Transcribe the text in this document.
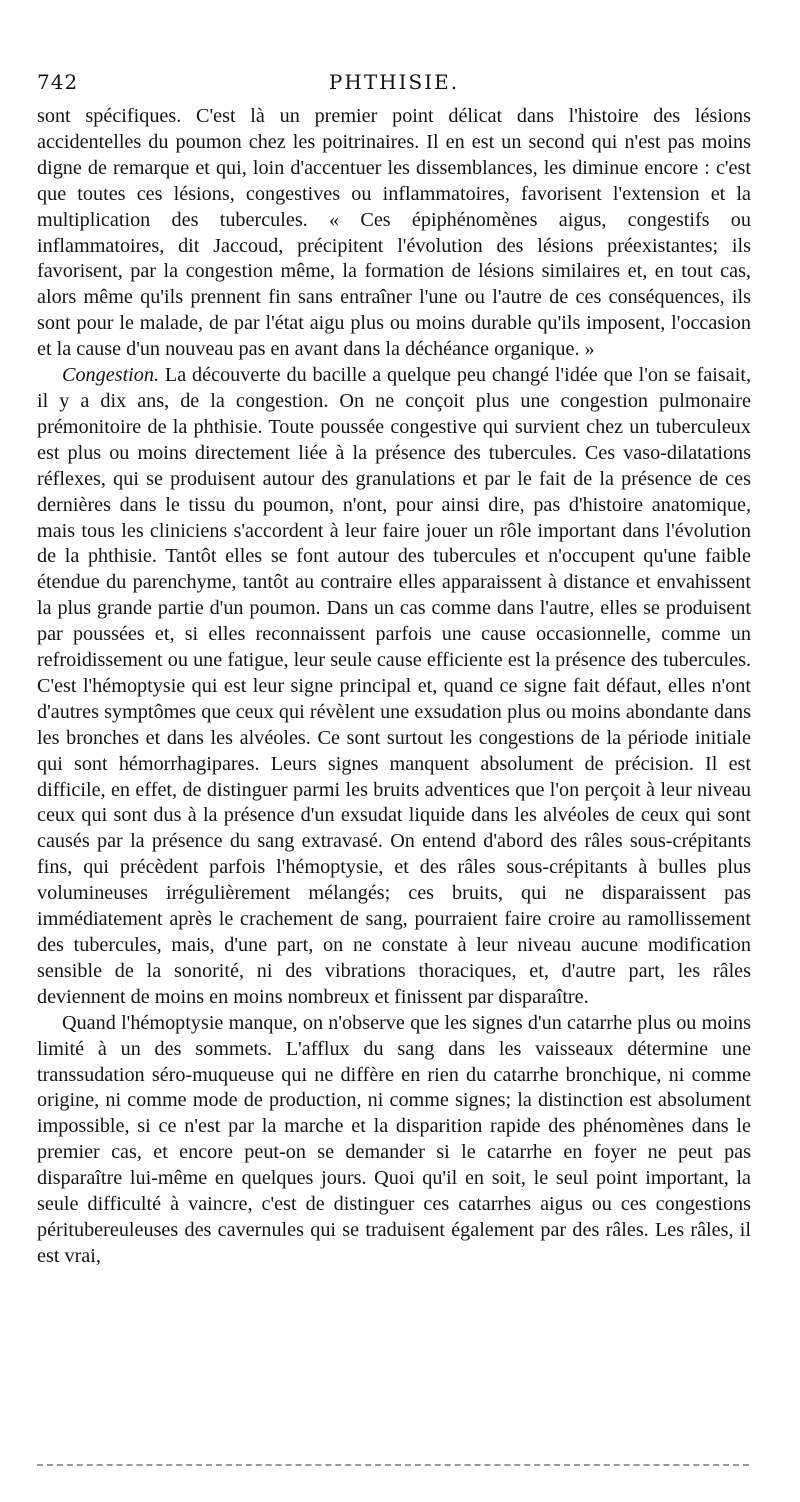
742	PHTHISIE.

sont spécifiques. C'est là un premier point délicat dans l'histoire des lésions accidentelles du poumon chez les poitrinaires. Il en est un second qui n'est pas moins digne de remarque et qui, loin d'accentuer les dissemblances, les diminue encore : c'est que toutes ces lésions, congestives ou inflammatoires, favorisent l'extension et la multiplication des tubercules. « Ces épiphénomènes aigus, congestifs ou inflammatoires, dit Jaccoud, précipitent l'évolution des lésions préexistantes; ils favorisent, par la congestion même, la formation de lésions similaires et, en tout cas, alors même qu'ils prennent fin sans entraîner l'une ou l'autre de ces conséquences, ils sont pour le malade, de par l'état aigu plus ou moins durable qu'ils imposent, l'occasion et la cause d'un nouveau pas en avant dans la déchéance organique. »

Congestion. La découverte du bacille a quelque peu changé l'idée que l'on se faisait, il y a dix ans, de la congestion. On ne conçoit plus une congestion pulmonaire prémonitoire de la phthisie. Toute poussée congestive qui survient chez un tuberculeux est plus ou moins directement liée à la présence des tubercules. Ces vaso-dilatations réflexes, qui se produisent autour des granulations et par le fait de la présence de ces dernières dans le tissu du poumon, n'ont, pour ainsi dire, pas d'histoire anatomique, mais tous les cliniciens s'accordent à leur faire jouer un rôle important dans l'évolution de la phthisie. Tantôt elles se font autour des tubercules et n'occupent qu'une faible étendue du parenchyme, tantôt au contraire elles apparaissent à distance et envahissent la plus grande partie d'un poumon. Dans un cas comme dans l'autre, elles se produisent par poussées et, si elles reconnaissent parfois une cause occasionnelle, comme un refroidissement ou une fatigue, leur seule cause efficiente est la présence des tubercules. C'est l'hémoptysie qui est leur signe principal et, quand ce signe fait défaut, elles n'ont d'autres symptômes que ceux qui révèlent une exsudation plus ou moins abondante dans les bronches et dans les alvéoles. Ce sont surtout les congestions de la période initiale qui sont hémorrhagipares. Leurs signes manquent absolument de précision. Il est difficile, en effet, de distinguer parmi les bruits adventices que l'on perçoit à leur niveau ceux qui sont dus à la présence d'un exsudat liquide dans les alvéoles de ceux qui sont causés par la présence du sang extravasé. On entend d'abord des râles sous-crépitants fins, qui précèdent parfois l'hémoptysie, et des râles sous-crépitants à bulles plus volumineuses irrégulièrement mélangés; ces bruits, qui ne disparaissent pas immédiatement après le crachement de sang, pourraient faire croire au ramollissement des tubercules, mais, d'une part, on ne constate à leur niveau aucune modification sensible de la sonorité, ni des vibrations thoraciques, et, d'autre part, les râles deviennent de moins en moins nombreux et finissent par disparaître.

Quand l'hémoptysie manque, on n'observe que les signes d'un catarrhe plus ou moins limité à un des sommets. L'afflux du sang dans les vaisseaux détermine une transsudation séro-muqueuse qui ne diffère en rien du catarrhe bronchique, ni comme origine, ni comme mode de production, ni comme signes; la distinction est absolument impossible, si ce n'est par la marche et la disparition rapide des phénomènes dans le premier cas, et encore peut-on se demander si le catarrhe en foyer ne peut pas disparaître lui-même en quelques jours. Quoi qu'il en soit, le seul point important, la seule difficulté à vaincre, c'est de distinguer ces catarrhes aigus ou ces congestions péritubereuleuses des cavernules qui se traduisent également par des râles. Les râles, il est vrai,
